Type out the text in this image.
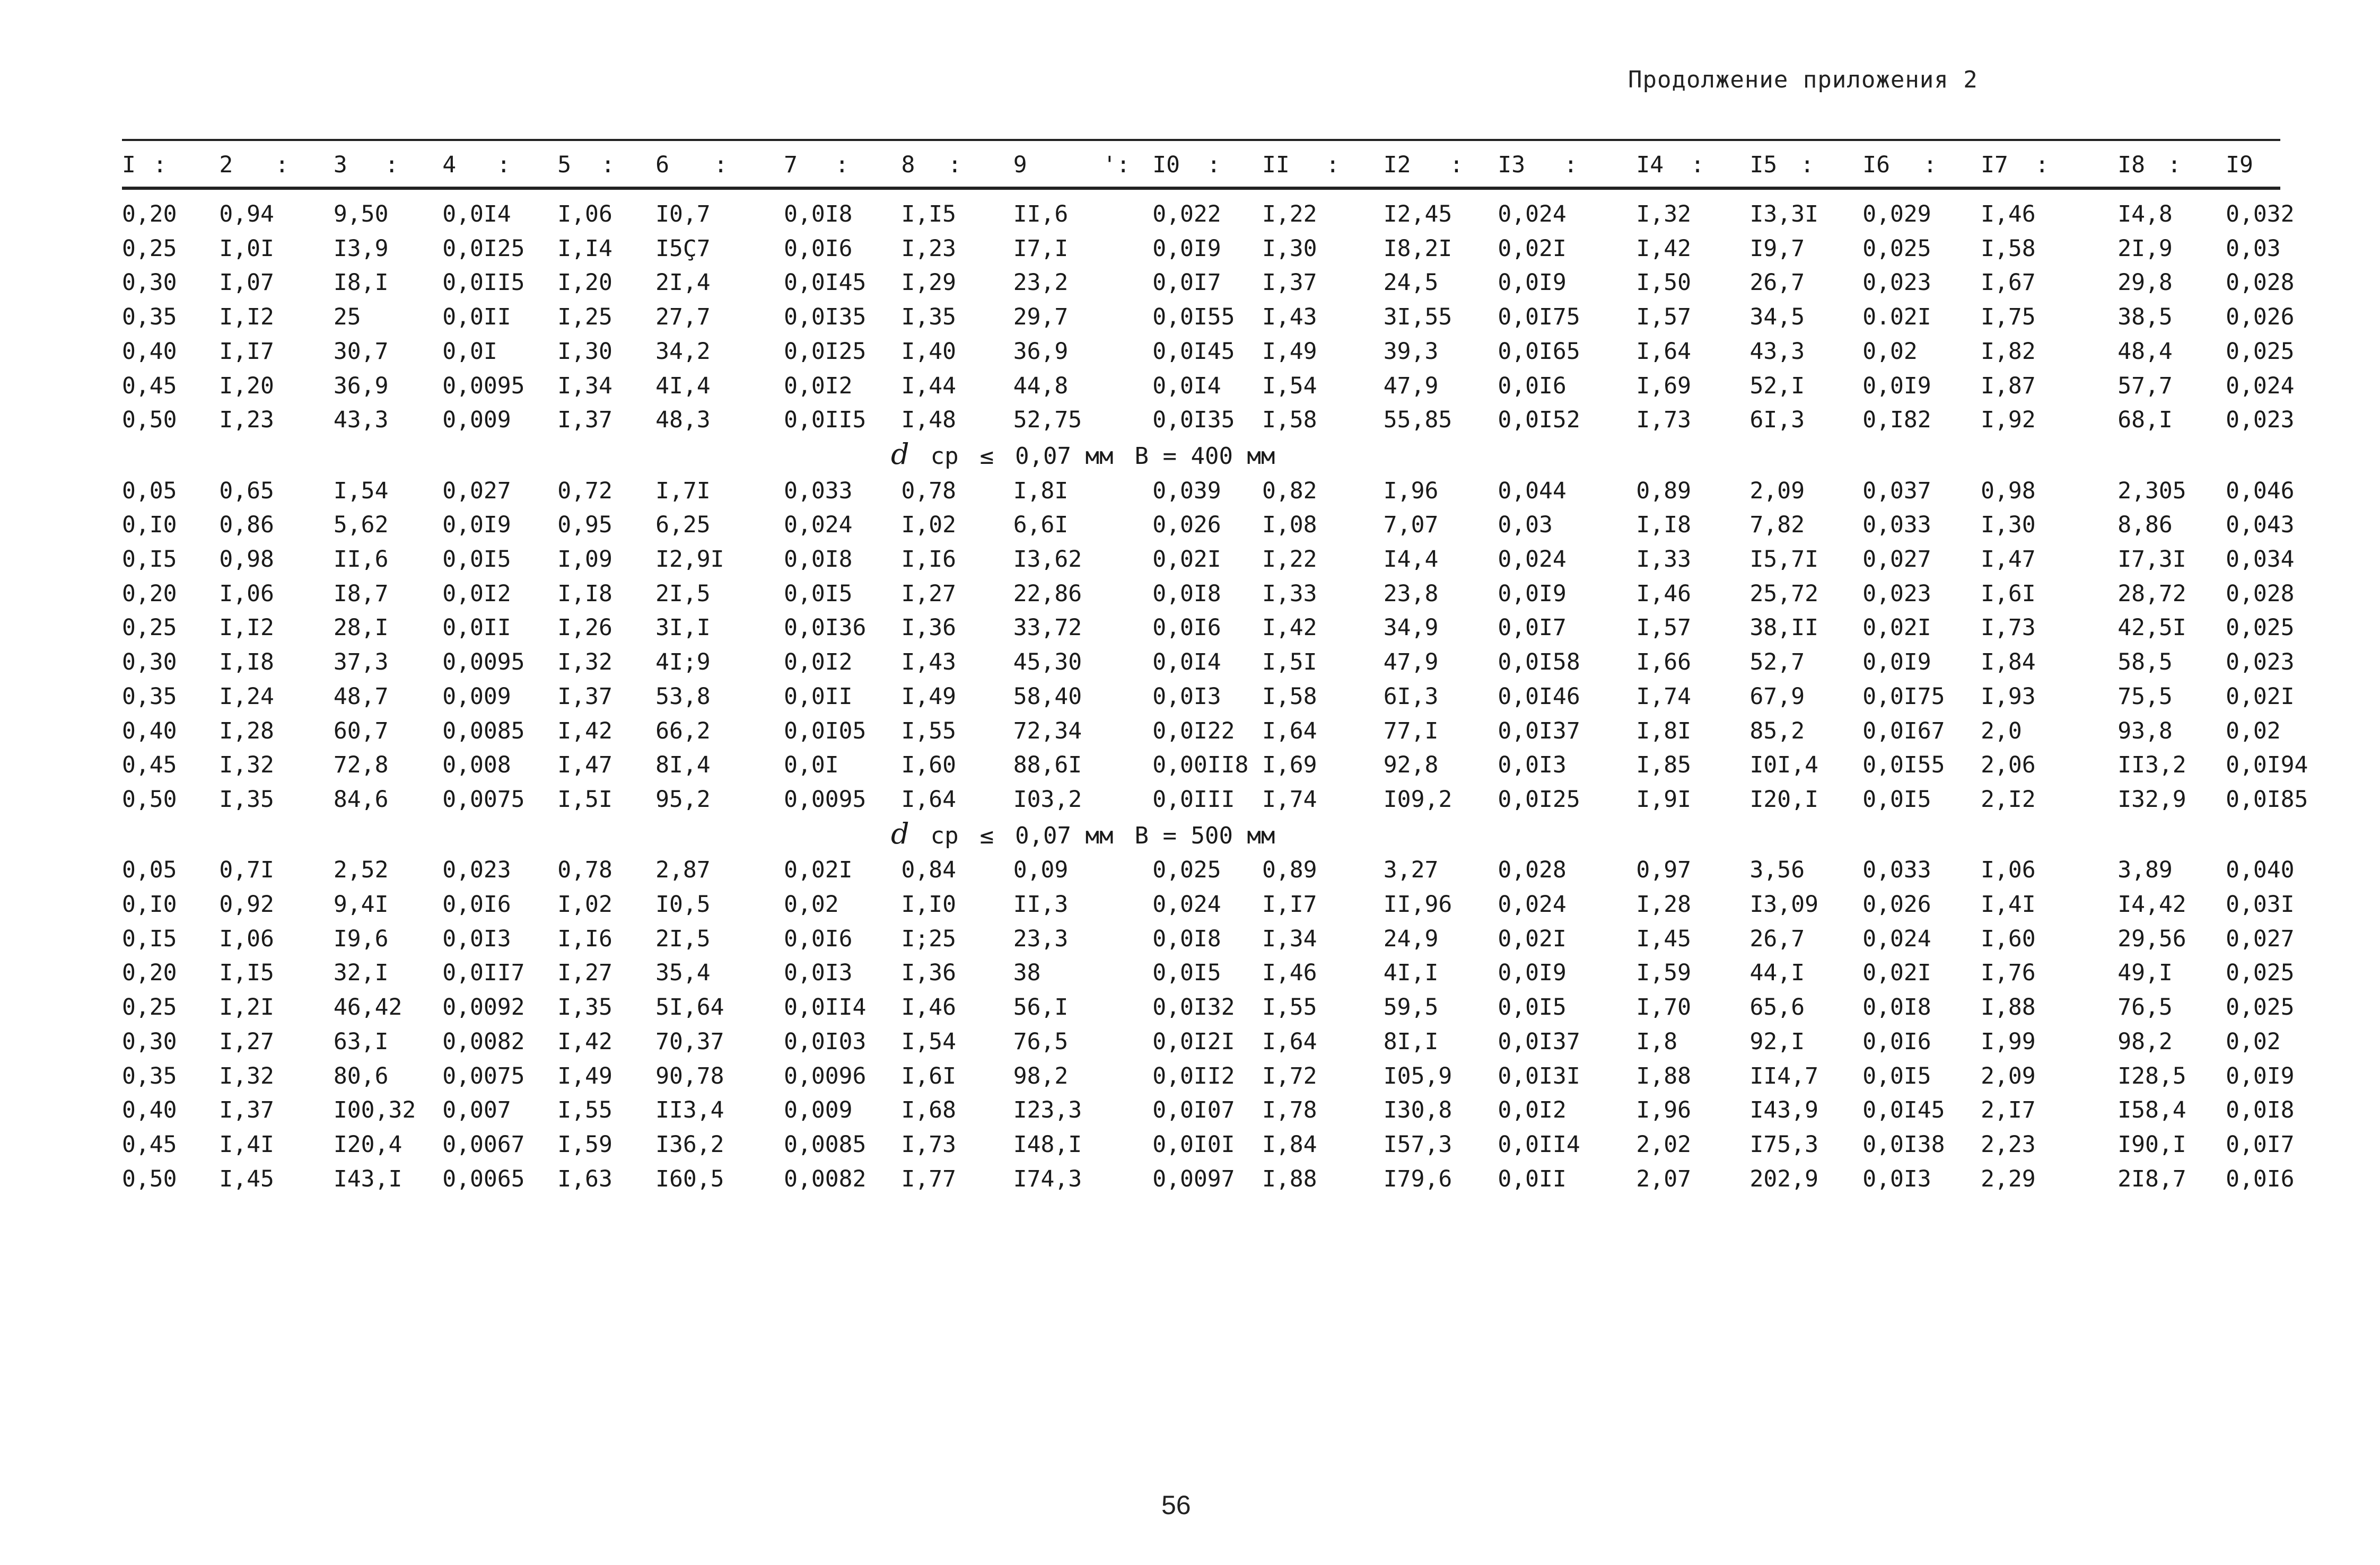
Продолжение приложения 2
I	:	2	:	3	:	4	:	5	:	6	:	7	:	8	:	9	':	I0	:	II	:	I2	:	I3	:	I4	:	I5	:	I6	:	I7	:	I8	:	I9

0,20		0,94		9,50		0,0I4		I,06		I0,7		0,0I8		I,I5		II,6		0,022		I,22		I2,45		0,024		I,32		I3,3I		0,029		I,46		I4,8		0,032
0,25		I,0I		I3,9		0,0I25		I,I4		I5Ç7		0,0I6		I,23		I7,I		0,0I9		I,30		I8,2I		0,02I		I,42		I9,7		0,025		I,58		2I,9		0,03
0,30		I,07		I8,I		0,0II5		I,20		2I,4		0,0I45		I,29		23,2		0,0I7		I,37		24,5		0,0I9		I,50		26,7		0,023		I,67		29,8		0,028
0,35		I,I2		25		0,0II		I,25		27,7		0,0I35		I,35		29,7		0,0I55		I,43		3I,55		0,0I75		I,57		34,5		0.02I		I,75		38,5		0,026
0,40		I,I7		30,7		0,0I		I,30		34,2		0,0I25		I,40		36,9		0,0I45		I,49		39,3		0,0I65		I,64		43,3		0,02		I,82		48,4		0,025
0,45		I,20		36,9		0,0095		I,34		4I,4		0,0I2		I,44		44,8		0,0I4		I,54		47,9		0,0I6		I,69		52,I		0,0I9		I,87		57,7		0,024
0,50		I,23		43,3		0,009		I,37		48,3		0,0II5		I,48		52,75		0,0I35		I,58		55,85		0,0I52		I,73		6I,3		0,I82		I,92		68,I		0,023
d ср ≤ 0,07 мм B = 400 мм																																				
0,05		0,65		I,54		0,027		0,72		I,7I		0,033		0,78		I,8I		0,039		0,82		I,96		0,044		0,89		2,09		0,037		0,98		2,305		0,046
0,I0		0,86		5,62		0,0I9		0,95		6,25		0,024		I,02		6,6I		0,026		I,08		7,07		0,03		I,I8		7,82		0,033		I,30		8,86		0,043
0,I5		0,98		II,6		0,0I5		I,09		I2,9I		0,0I8		I,I6		I3,62		0,02I		I,22		I4,4		0,024		I,33		I5,7I		0,027		I,47		I7,3I		0,034
0,20		I,06		I8,7		0,0I2		I,I8		2I,5		0,0I5		I,27		22,86		0,0I8		I,33		23,8		0,0I9		I,46		25,72		0,023		I,6I		28,72		0,028
0,25		I,I2		28,I		0,0II		I,26		3I,I		0,0I36		I,36		33,72		0,0I6		I,42		34,9		0,0I7		I,57		38,II		0,02I		I,73		42,5I		0,025
0,30		I,I8		37,3		0,0095		I,32		4I;9		0,0I2		I,43		45,30		0,0I4		I,5I		47,9		0,0I58		I,66		52,7		0,0I9		I,84		58,5		0,023
0,35		I,24		48,7		0,009		I,37		53,8		0,0II		I,49		58,40		0,0I3		I,58		6I,3		0,0I46		I,74		67,9		0,0I75		I,93		75,5		0,02I
0,40		I,28		60,7		0,0085		I,42		66,2		0,0I05		I,55		72,34		0,0I22		I,64		77,I		0,0I37		I,8I		85,2		0,0I67		2,0		93,8		0,02
0,45		I,32		72,8		0,008		I,47		8I,4		0,0I		I,60		88,6I		0,00II8		I,69		92,8		0,0I3		I,85		I0I,4		0,0I55		2,06		II3,2		0,0I94
0,50		I,35		84,6		0,0075		I,5I		95,2		0,0095		I,64		I03,2		0,0III		I,74		I09,2		0,0I25		I,9I		I20,I		0,0I5		2,I2		I32,9		0,0I85
d ср ≤ 0,07 мм B = 500 мм																																				
0,05		0,7I		2,52		0,023		0,78		2,87		0,02I		0,84		0,09		0,025		0,89		3,27		0,028		0,97		3,56		0,033		I,06		3,89		0,040
0,I0		0,92		9,4I		0,0I6		I,02		I0,5		0,02		I,I0		II,3		0,024		I,I7		II,96		0,024		I,28		I3,09		0,026		I,4I		I4,42		0,03I
0,I5		I,06		I9,6		0,0I3		I,I6		2I,5		0,0I6		I;25		23,3		0,0I8		I,34		24,9		0,02I		I,45		26,7		0,024		I,60		29,56		0,027
0,20		I,I5		32,I		0,0II7		I,27		35,4		0,0I3		I,36		38		0,0I5		I,46		4I,I		0,0I9		I,59		44,I		0,02I		I,76		49,I		0,025
0,25		I,2I		46,42		0,0092		I,35		5I,64		0,0II4		I,46		56,I		0,0I32		I,55		59,5		0,0I5		I,70		65,6		0,0I8		I,88		76,5		0,025
0,30		I,27		63,I		0,0082		I,42		70,37		0,0I03		I,54		76,5		0,0I2I		I,64		8I,I		0,0I37		I,8		92,I		0,0I6		I,99		98,2		0,02
0,35		I,32		80,6		0,0075		I,49		90,78		0,0096		I,6I		98,2		0,0II2		I,72		I05,9		0,0I3I		I,88		II4,7		0,0I5		2,09		I28,5		0,0I9
0,40		I,37		I00,32		0,007		I,55		II3,4		0,009		I,68		I23,3		0,0I07		I,78		I30,8		0,0I2		I,96		I43,9		0,0I45		2,I7		I58,4		0,0I8
0,45		I,4I		I20,4		0,0067		I,59		I36,2		0,0085		I,73		I48,I		0,0I0I		I,84		I57,3		0,0II4		2,02		I75,3		0,0I38		2,23		I90,I		0,0I7
0,50		I,45		I43,I		0,0065		I,63		I60,5		0,0082		I,77		I74,3		0,0097		I,88		I79,6		0,0II		2,07		202,9		0,0I3		2,29		2I8,7		0,0I6
56
